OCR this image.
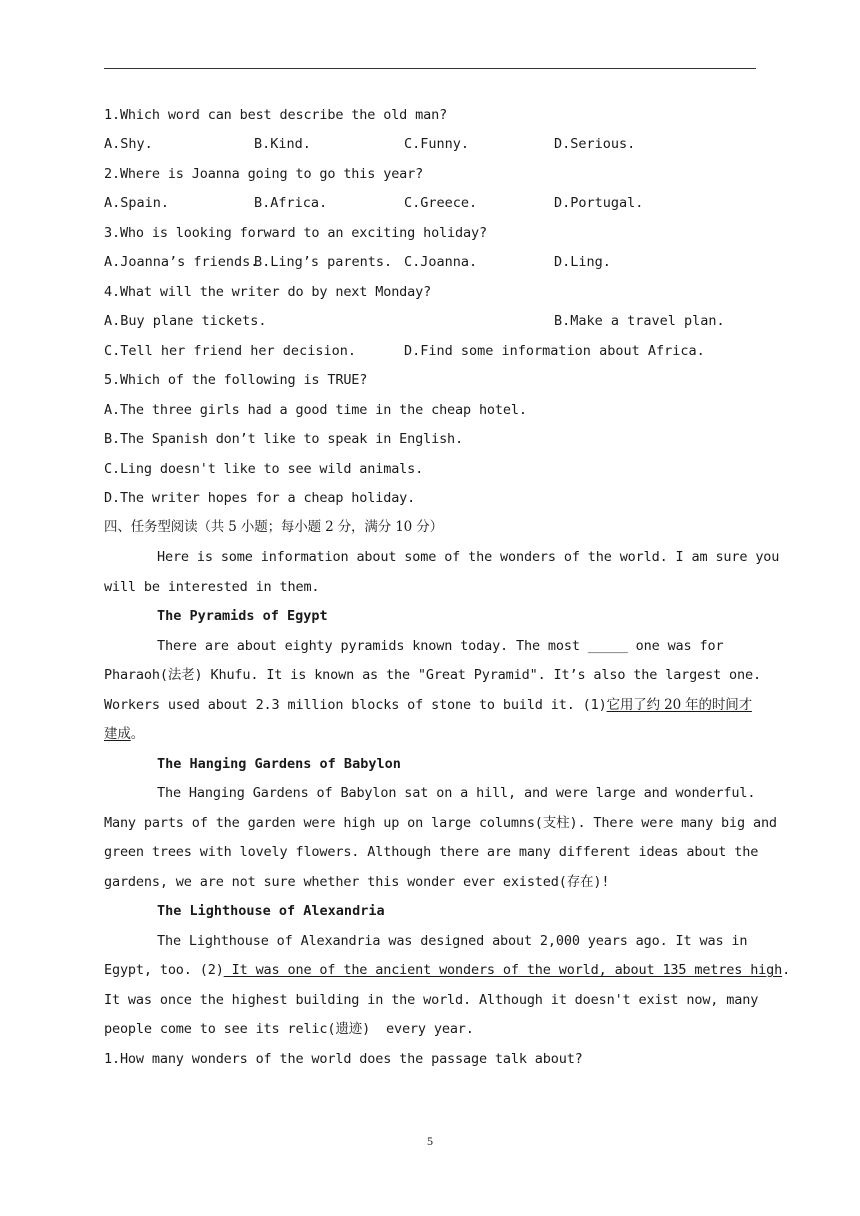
1.Which word can best describe the old man?
A.Shy.	B.Kind.	C.Funny.	D.Serious.
2.Where is Joanna going to go this year?
A.Spain.	B.Africa.	C.Greece.	D.Portugal.
3.Who is looking forward to an exciting holiday?
A.Joanna’s friends.
B.Ling’s parents. C.Joanna.	D.Ling.
4.What will the writer do by next Monday?
A.Buy plane tickets.	B.Make a travel plan.
C.Tell her friend her decision.	D.Find some information about Africa.
5.Which of the following is TRUE?
A.The three girls had a good time in the cheap hotel.
B.The Spanish don’t like to speak in English.
C.Ling doesn't like to see wild animals.
D.The writer hopes for a cheap holiday.
四、任务型阅读（共 5 小题；每小题 2 分，满分 10 分）
Here is some information about some of the wonders of the world. I am sure you
will be interested in them.
The Pyramids of Egypt
There are about eighty pyramids known today. The most _____ one was for
Pharaoh(法老) Khufu. It is known as the "Great Pyramid". It’s also the largest one.
Workers used about 2.3 million blocks of stone to build it. (1)它用了约 20 年的时间才
建成。
The Hanging Gardens of Babylon
The Hanging Gardens of Babylon sat on a hill, and were large and wonderful.
Many parts of the garden were high up on large columns(支柱). There were many big and
green trees with lovely flowers. Although there are many different ideas about the
gardens, we are not sure whether this wonder ever existed(存在)!
The Lighthouse of Alexandria
The Lighthouse of Alexandria was designed about 2,000 years ago. It was in
Egypt, too. (2) It was one of the ancient wonders of the world, about 135 metres high.
It was once the highest building in the world. Although it doesn't exist now, many
people come to see its relic(遗迹)  every year.
1.How many wonders of the world does the passage talk about?
5
